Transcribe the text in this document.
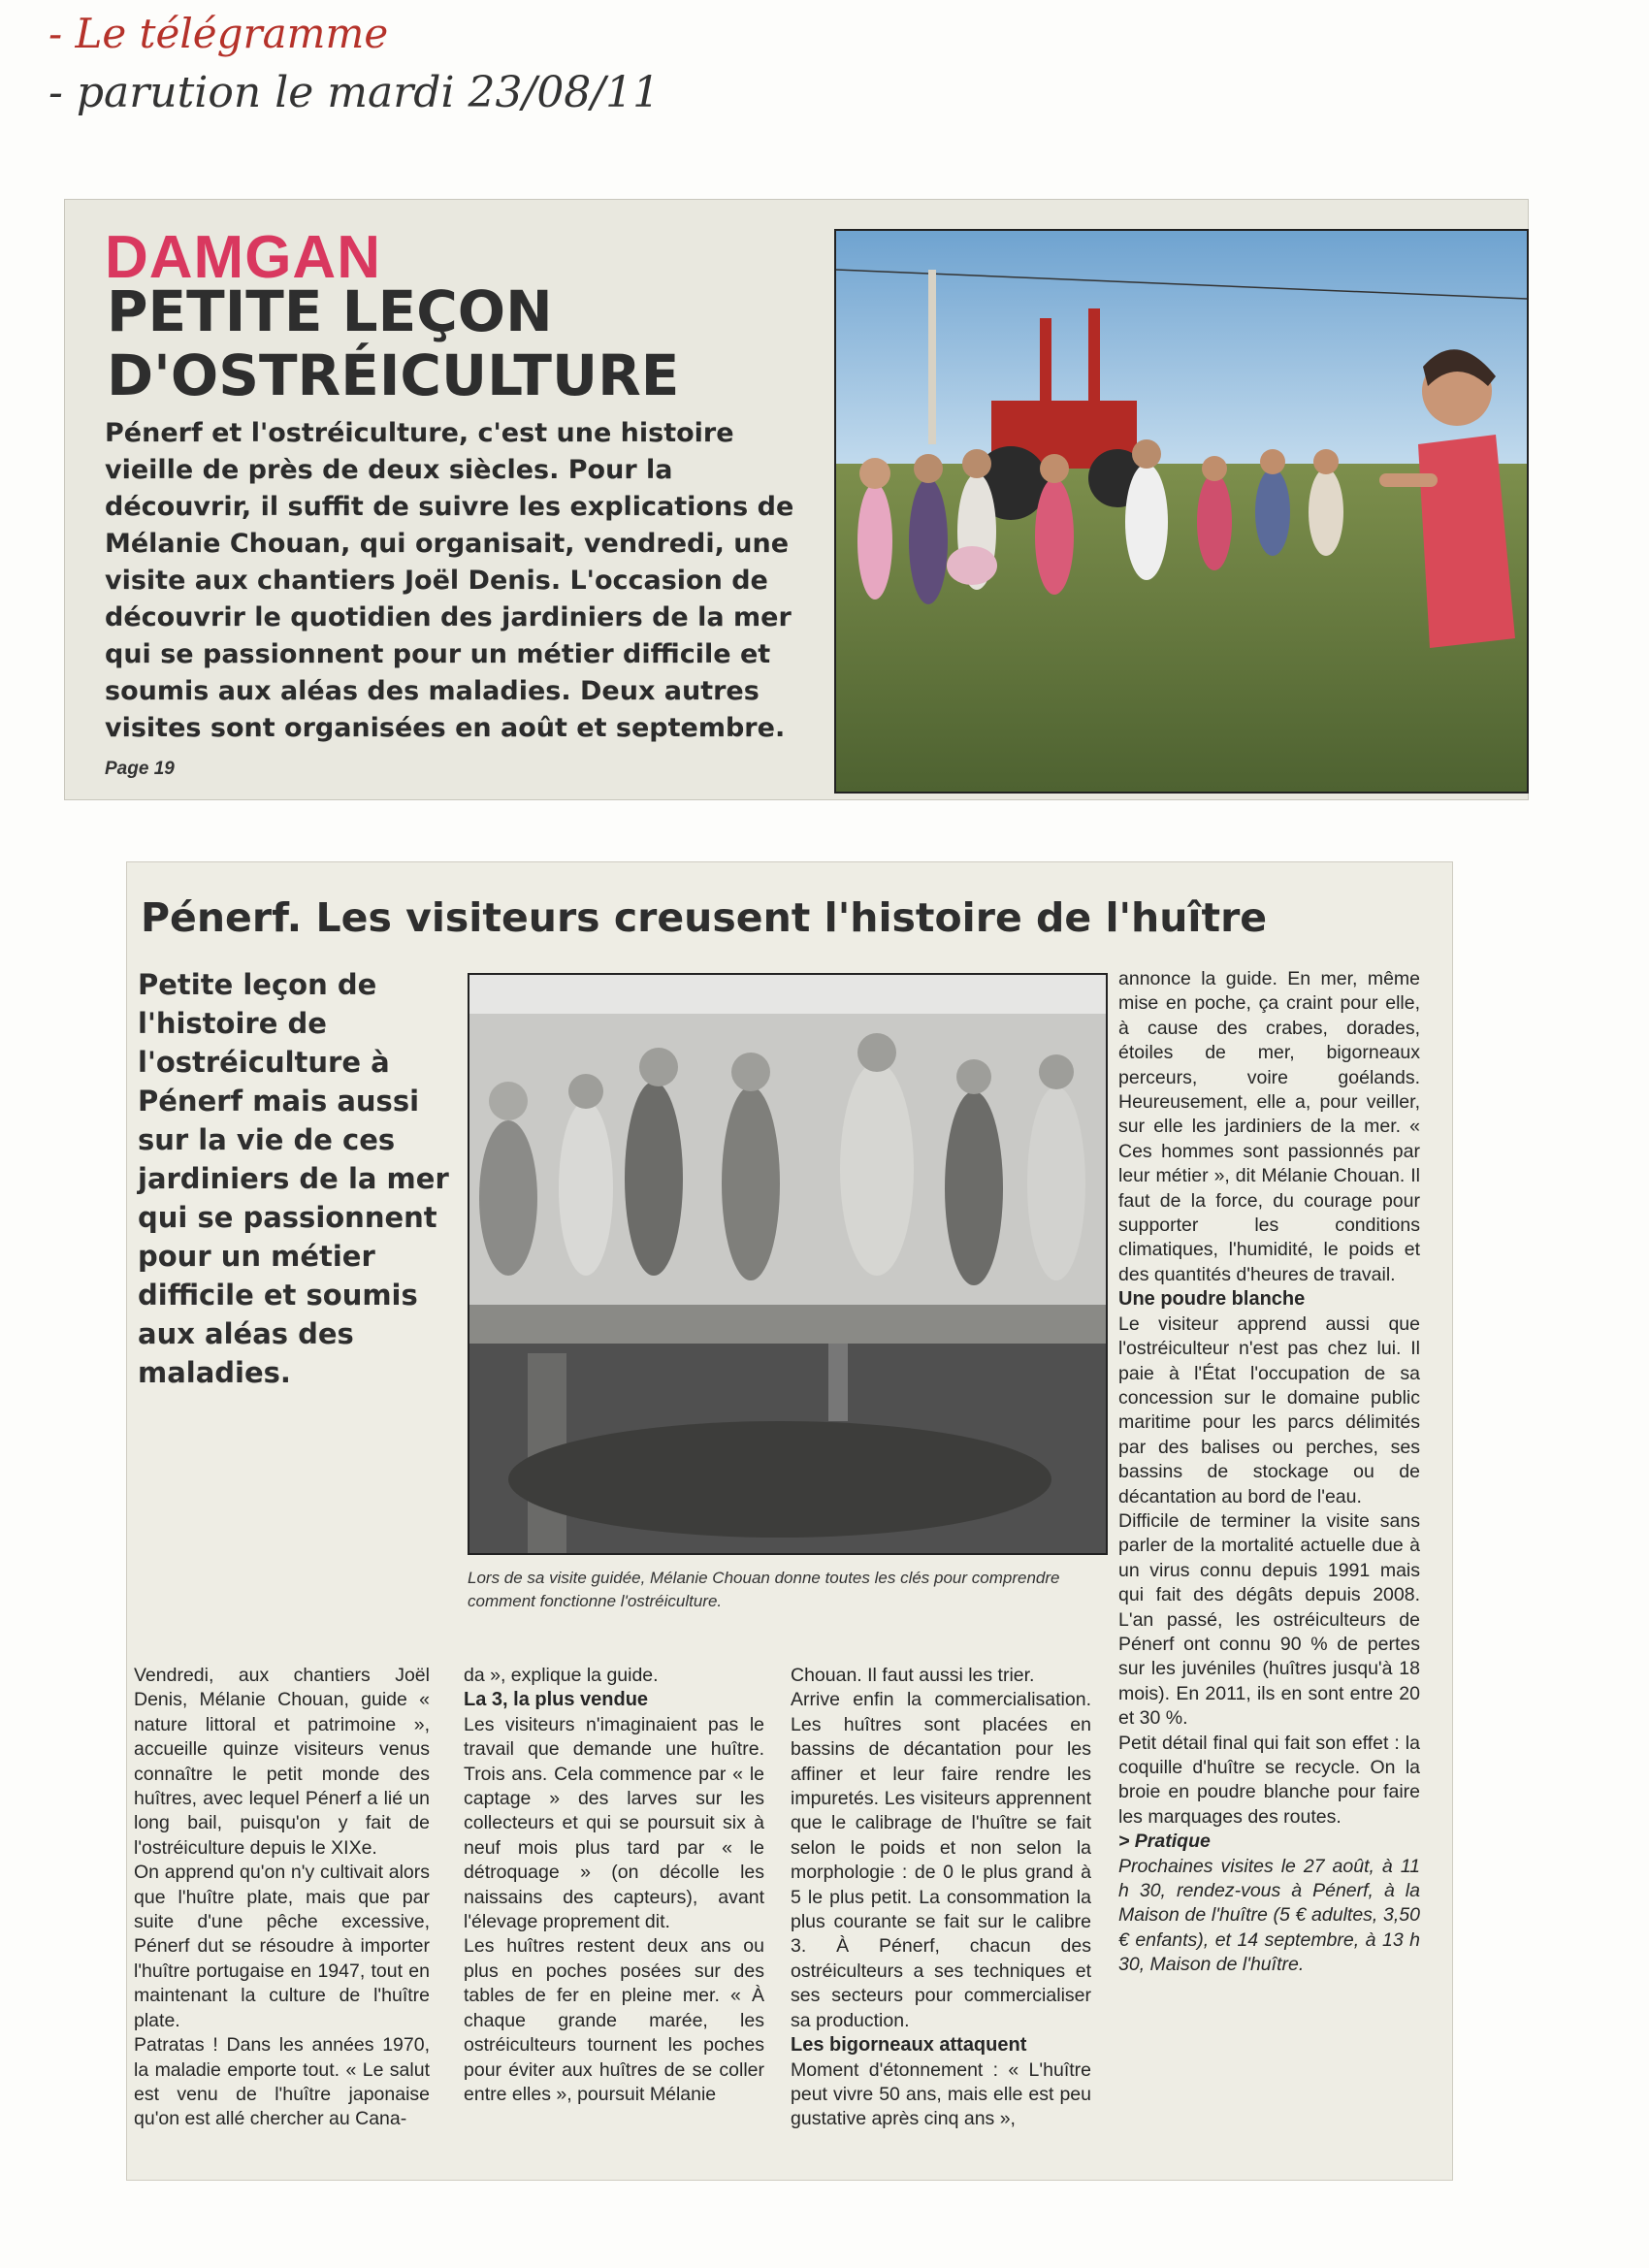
- Le télégramme
- parution le mardi 23/08/11
DAMGAN
PETITE LEÇON D'OSTRÉICULTURE

Pénerf et l'ostréiculture, c'est une histoire vieille de près de deux siècles. Pour la découvrir, il suffit de suivre les explications de Mélanie Chouan, qui organisait, vendredi, une visite aux chantiers Joël Denis. L'occasion de découvrir le quotidien des jardiniers de la mer qui se passionnent pour un métier difficile et soumis aux aléas des maladies. Deux autres visites sont organisées en août et septembre.

Page 19
Pénerf. Les visiteurs creusent l'histoire de l'huître

Petite leçon de l'histoire de l'ostréiculture à Pénerf mais aussi sur la vie de ces jardiniers de la mer qui se passionnent pour un métier difficile et soumis aux aléas des maladies.

Lors de sa visite guidée, Mélanie Chouan donne toutes les clés pour comprendre comment fonctionne l'ostréiculture.

Vendredi, aux chantiers Joël Denis, Mélanie Chouan, guide « nature littoral et patrimoine », accueille quinze visiteurs venus connaître le petit monde des huîtres, avec lequel Pénerf a lié un long bail, puisqu'on y fait de l'ostréiculture depuis le XIXe.

On apprend qu'on n'y cultivait alors que l'huître plate, mais que par suite d'une pêche excessive, Pénerf dut se résoudre à importer l'huître portugaise en 1947, tout en maintenant la culture de l'huître plate.

Patratas ! Dans les années 1970, la maladie emporte tout. « Le salut est venu de l'huître japonaise qu'on est allé chercher au Cana-

da », explique la guide.

La 3, la plus vendue

Les visiteurs n'imaginaient pas le travail que demande une huître. Trois ans. Cela commence par « le captage » des larves sur les collecteurs et qui se poursuit six à neuf mois plus tard par « le détroquage » (on décolle les naissains des capteurs), avant l'élevage proprement dit.

Les huîtres restent deux ans ou plus en poches posées sur des tables de fer en pleine mer. « À chaque grande marée, les ostréiculteurs tournent les poches pour éviter aux huîtres de se coller entre elles », poursuit Mélanie

Chouan. Il faut aussi les trier.

Arrive enfin la commercialisation. Les huîtres sont placées en bassins de décantation pour les affiner et leur faire rendre les impuretés. Les visiteurs apprennent que le calibrage de l'huître se fait selon le poids et non selon la morphologie : de 0 le plus grand à 5 le plus petit. La consommation la plus courante se fait sur le calibre 3. À Pénerf, chacun des ostréiculteurs a ses techniques et ses secteurs pour commercialiser sa production.

Les bigorneaux attaquent

Moment d'étonnement : « L'huître peut vivre 50 ans, mais elle est peu gustative après cinq ans »,

annonce la guide. En mer, même mise en poche, ça craint pour elle, à cause des crabes, dorades, étoiles de mer, bigorneaux perceurs, voire goélands. Heureusement, elle a, pour veiller, sur elle les jardiniers de la mer. « Ces hommes sont passionnés par leur métier », dit Mélanie Chouan. Il faut de la force, du courage pour supporter les conditions climatiques, l'humidité, le poids et des quantités d'heures de travail.

Une poudre blanche

Le visiteur apprend aussi que l'ostréiculteur n'est pas chez lui. Il paie à l'État l'occupation de sa concession sur le domaine public maritime pour les parcs délimités par des balises ou perches, ses bassins de stockage ou de décantation au bord de l'eau.

Difficile de terminer la visite sans parler de la mortalité actuelle due à un virus connu depuis 1991 mais qui fait des dégâts depuis 2008. L'an passé, les ostréiculteurs de Pénerf ont connu 90 % de pertes sur les juvéniles (huîtres jusqu'à 18 mois). En 2011, ils en sont entre 20 et 30 %.

Petit détail final qui fait son effet : la coquille d'huître se recycle. On la broie en poudre blanche pour faire les marquages des routes.

> Pratique

Prochaines visites le 27 août, à 11 h 30, rendez-vous à Pénerf, à la Maison de l'huître (5 € adultes, 3,50 € enfants), et 14 septembre, à 13 h 30, Maison de l'huître.
